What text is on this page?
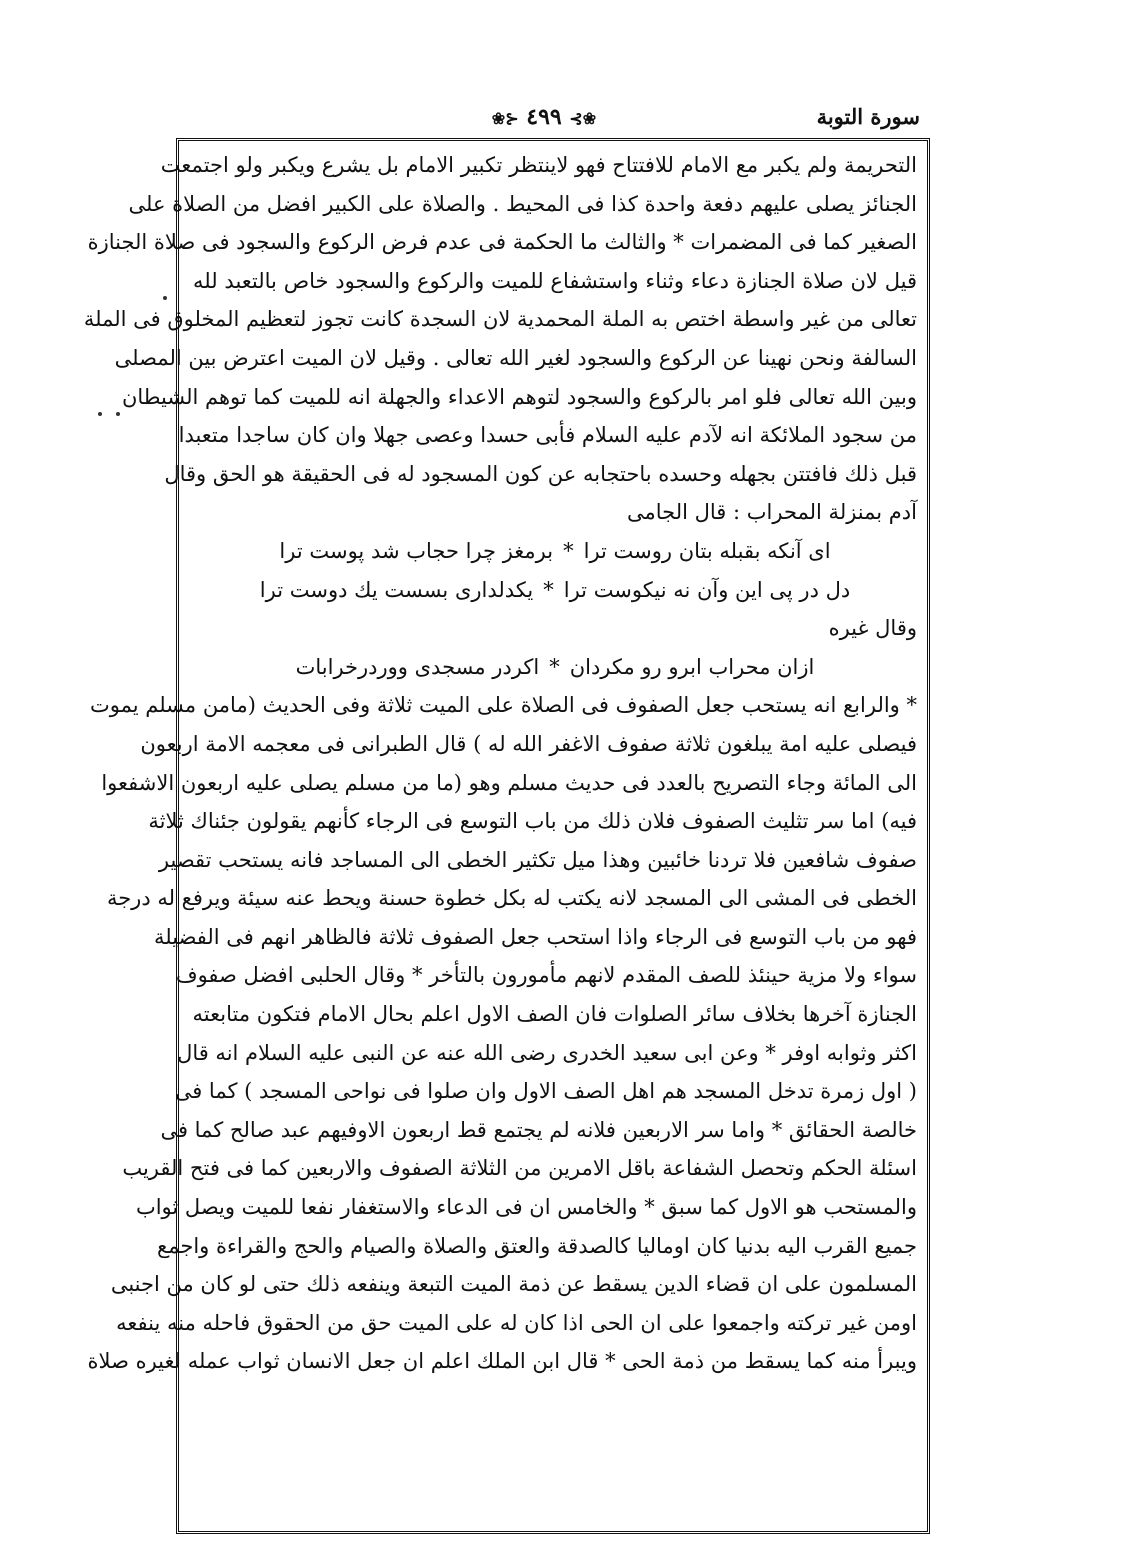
سورة التوبة
❀⊱ ٤٩٩ ⊰❀
التحريمة ولم يكبر مع الامام للافتتاح فهو لاينتظر تكبير الامام بل يشرع ويكبر ولو اجتمعت
الجنائز يصلى عليهم دفعة واحدة كذا فى المحيط . والصلاة على الكبير افضل من الصلاة على
الصغير كما فى المضمرات * والثالث ما الحكمة فى عدم فرض الركوع والسجود فى صلاة الجنازة
قيل لان صلاة الجنازة دعاء وثناء واستشفاع للميت والركوع والسجود خاص بالتعبد لله
تعالى من غير واسطة اختص به الملة المحمدية لان السجدة كانت تجوز لتعظيم المخلوق فى الملة
السالفة ونحن نهينا عن الركوع والسجود لغير الله تعالى . وقيل لان الميت اعترض بين المصلى
وبين الله تعالى فلو امر بالركوع والسجود لتوهم الاعداء والجهلة انه للميت كما توهم الشيطان
من سجود الملائكة انه لآدم عليه السلام فأبى حسدا وعصى جهلا وان كان ساجدا متعبدا
قبل ذلك فافتتن بجهله وحسده باحتجابه عن كون المسجود له فى الحقيقة هو الحق وقال
آدم بمنزلة المحراب : قال الجامى
اى آنكه بقبله بتان روست ترا*برمغز چرا حجاب شد پوست ترا
دل در پى اين وآن نه نيكوست ترا*يكدلدارى بسست يك دوست ترا
وقال غيره
ازان محراب ابرو رو مكردان*اكردر مسجدى ووردرخرابات
* والرابع انه يستحب جعل الصفوف فى الصلاة على الميت ثلاثة وفى الحديث (مامن مسلم يموت
فيصلى عليه امة يبلغون ثلاثة صفوف الاغفر الله له ) قال الطبرانى فى معجمه الامة اربعون
الى المائة وجاء التصريح بالعدد فى حديث مسلم وهو (ما من مسلم يصلى عليه اربعون الاشفعوا
فيه) اما سر تثليث الصفوف فلان ذلك من باب التوسع فى الرجاء كأنهم يقولون جئناك ثلاثة
صفوف شافعين فلا تردنا خائبين وهذا ميل تكثير الخطى الى المساجد فانه يستحب تقصير
الخطى فى المشى الى المسجد لانه يكتب له بكل خطوة حسنة ويحط عنه سيئة ويرفع له درجة
فهو من باب التوسع فى الرجاء واذا استحب جعل الصفوف ثلاثة فالظاهر انهم فى الفضيلة
سواء ولا مزية حينئذ للصف المقدم لانهم مأمورون بالتأخر * وقال الحلبى افضل صفوف
الجنازة آخرها بخلاف سائر الصلوات فان الصف الاول اعلم بحال الامام فتكون متابعته
اكثر وثوابه اوفر * وعن ابى سعيد الخدرى رضى الله عنه عن النبى عليه السلام انه قال
( اول زمرة تدخل المسجد هم اهل الصف الاول وان صلوا فى نواحى المسجد ) كما فى
خالصة الحقائق * واما سر الاربعين فلانه لم يجتمع قط اربعون الاوفيهم عبد صالح كما فى
اسئلة الحكم وتحصل الشفاعة باقل الامرين من الثلاثة الصفوف والاربعين كما فى فتح القريب
والمستحب هو الاول كما سبق * والخامس ان فى الدعاء والاستغفار نفعا للميت ويصل ثواب
جميع القرب اليه بدنيا كان اوماليا كالصدقة والعتق والصلاة والصيام والحج والقراءة واجمع
المسلمون على ان قضاء الدين يسقط عن ذمة الميت التبعة وينفعه ذلك حتى لو كان من اجنبى
اومن غير تركته واجمعوا على ان الحى اذا كان له على الميت حق من الحقوق فاحله منه ينفعه
ويبرأ منه كما يسقط من ذمة الحى * قال ابن الملك اعلم ان جعل الانسان ثواب عمله لغيره صلاة
